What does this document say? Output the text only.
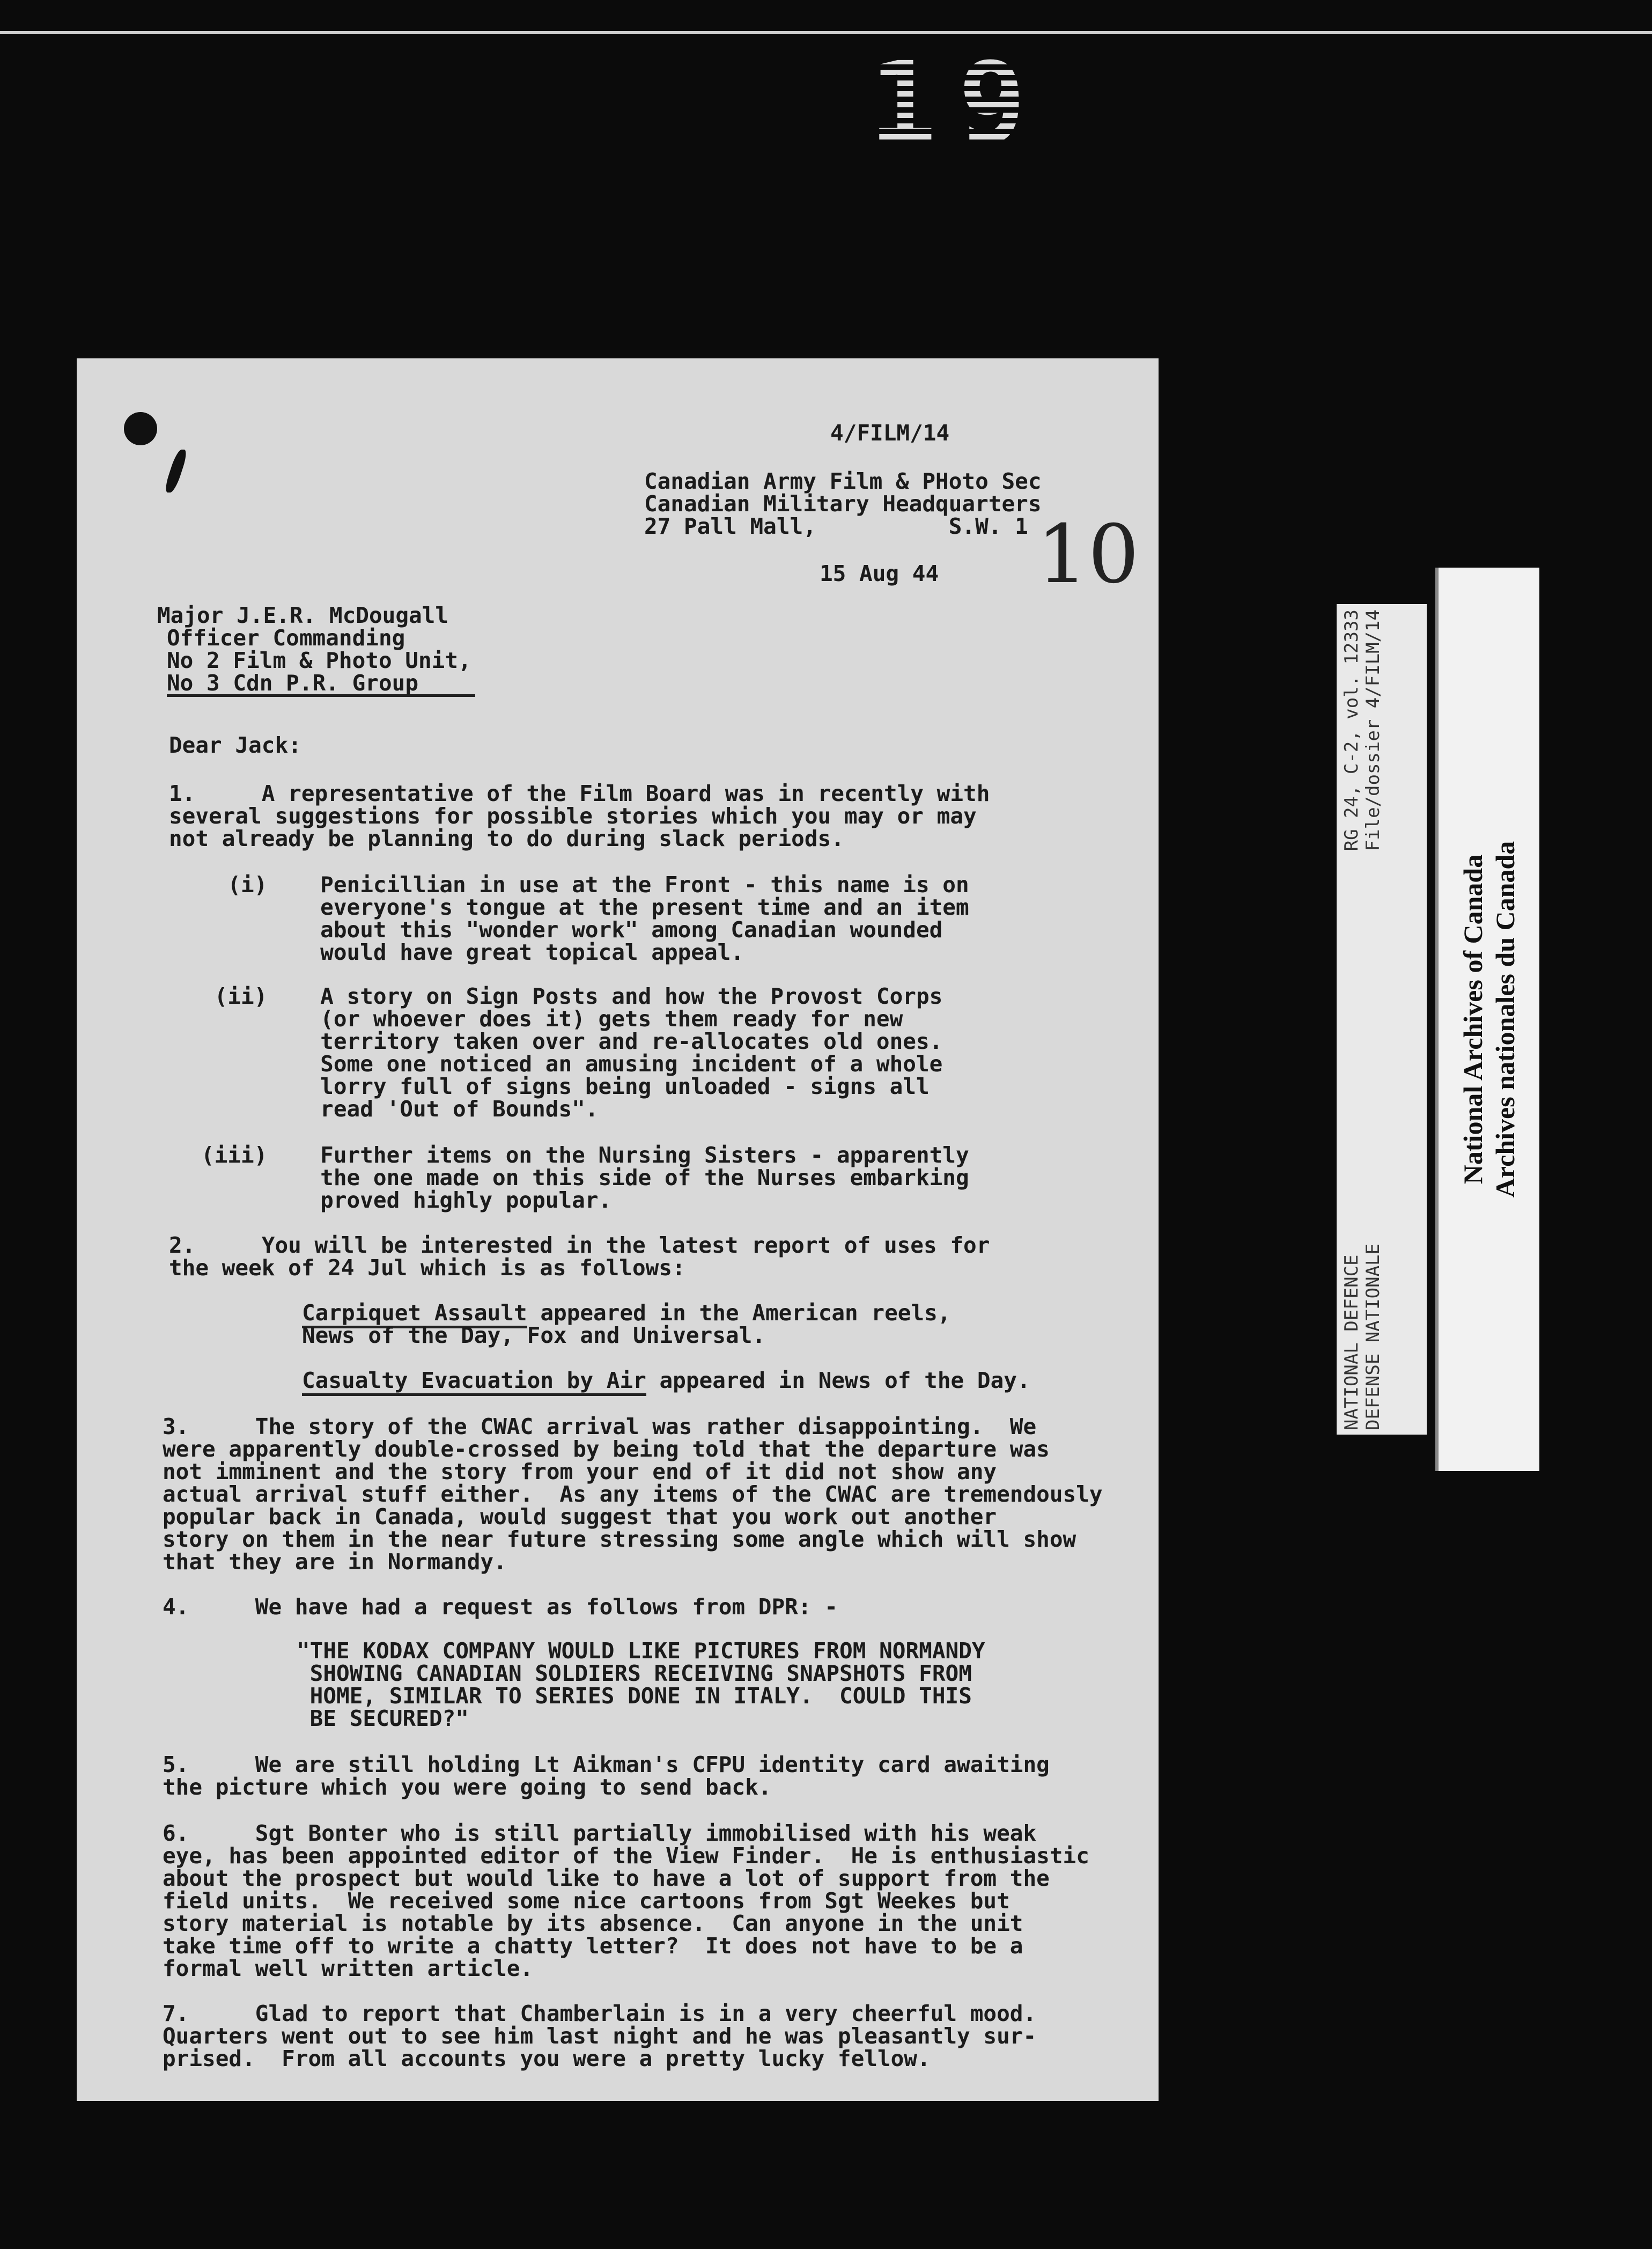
19
4/FILM/14
Canadian Army Film & PHoto Sec
Canadian Military Headquarters
27 Pall Mall,          S.W. 1
15 Aug 44 10
Major J.E.R. McDougall
Officer Commanding
No 2 Film & Photo Unit,
No 3 Cdn P.R. Group
Dear Jack:
1.     A representative of the Film Board was in recently with
several suggestions for possible stories which you may or may
not already be planning to do during slack periods.
(i)    Penicillian in use at the Front - this name is on
everyone's tongue at the present time and an item
about this "wonder work" among Canadian wounded
would have great topical appeal.
(ii)    A story on Sign Posts and how the Provost Corps
(or whoever does it) gets them ready for new
territory taken over and re-allocates old ones.
Some one noticed an amusing incident of a whole
lorry full of signs being unloaded - signs all
read 'Out of Bounds".
(iii)    Further items on the Nursing Sisters - apparently
the one made on this side of the Nurses embarking
proved highly popular.
2.     You will be interested in the latest report of uses for
the week of 24 Jul which is as follows:
Carpiquet Assault appeared in the American reels,
News of the Day, Fox and Universal.
Casualty Evacuation by Air appeared in News of the Day.
3.     The story of the CWAC arrival was rather disappointing.  We
were apparently double-crossed by being told that the departure was
not imminent and the story from your end of it did not show any
actual arrival stuff either.  As any items of the CWAC are tremendously
popular back in Canada, would suggest that you work out another
story on them in the near future stressing some angle which will show
that they are in Normandy.
4.     We have had a request as follows from DPR: -
"THE KODAX COMPANY WOULD LIKE PICTURES FROM NORMANDY
SHOWING CANADIAN SOLDIERS RECEIVING SNAPSHOTS FROM
HOME, SIMILAR TO SERIES DONE IN ITALY.  COULD THIS
BE SECURED?"
5.     We are still holding Lt Aikman's CFPU identity card awaiting
the picture which you were going to send back.
6.     Sgt Bonter who is still partially immobilised with his weak
eye, has been appointed editor of the View Finder.  He is enthusiastic
about the prospect but would like to have a lot of support from the
field units.  We received some nice cartoons from Sgt Weekes but
story material is notable by its absence.  Can anyone in the unit
take time off to write a chatty letter?  It does not have to be a
formal well written article.
7.     Glad to report that Chamberlain is in a very cheerful mood.
Quarters went out to see him last night and he was pleasantly sur-
prised.  From all accounts you were a pretty lucky fellow.
NATIONAL DEFENCE DEFENSE NATIONALE
RG 24, C-2, vol. 12333 File/dossier 4/FILM/14
National Archives of Canada Archives nationales du Canada
